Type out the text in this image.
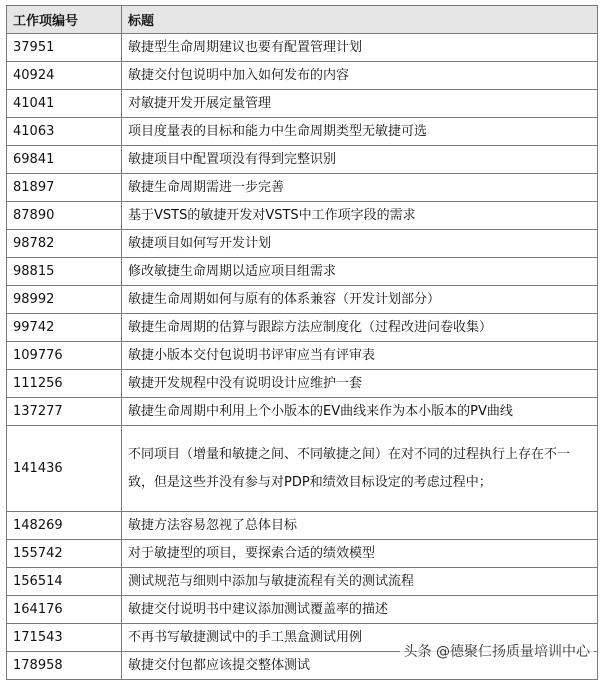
工作项编号	标题
37951	敏捷型生命周期建议也要有配置管理计划
40924	敏捷交付包说明中加入如何发布的内容
41041	对敏捷开发开展定量管理
41063	项目度量表的目标和能力中生命周期类型无敏捷可选
69841	敏捷项目中配置项没有得到完整识别
81897	敏捷生命周期需进一步完善
87890	基于VSTS的敏捷开发对VSTS中工作项字段的需求
98782	敏捷项目如何写开发计划
98815	修改敏捷生命周期以适应项目组需求
98992	敏捷生命周期如何与原有的体系兼容（开发计划部分）
99742	敏捷生命周期的估算与跟踪方法应制度化（过程改进问卷收集）
109776	敏捷小版本交付包说明书评审应当有评审表
111256	敏捷开发规程中没有说明设计应维护一套
137277	敏捷生命周期中利用上个小版本的EV曲线来作为本小版本的PV曲线
141436	不同项目（增量和敏捷之间、不同敏捷之间）在对不同的过程执行上存在不一致，但是这些并没有参与对PDP和绩效目标设定的考虑过程中；
148269	敏捷方法容易忽视了总体目标
155742	对于敏捷型的项目，要探索合适的绩效模型
156514	测试规范与细则中添加与敏捷流程有关的测试流程
164176	敏捷交付说明书中建议添加测试覆盖率的描述
171543	不再书写敏捷测试中的手工黑盒测试用例
178958	敏捷交付包都应该提交整体测试
头条 @德聚仁扬质量培训中心
